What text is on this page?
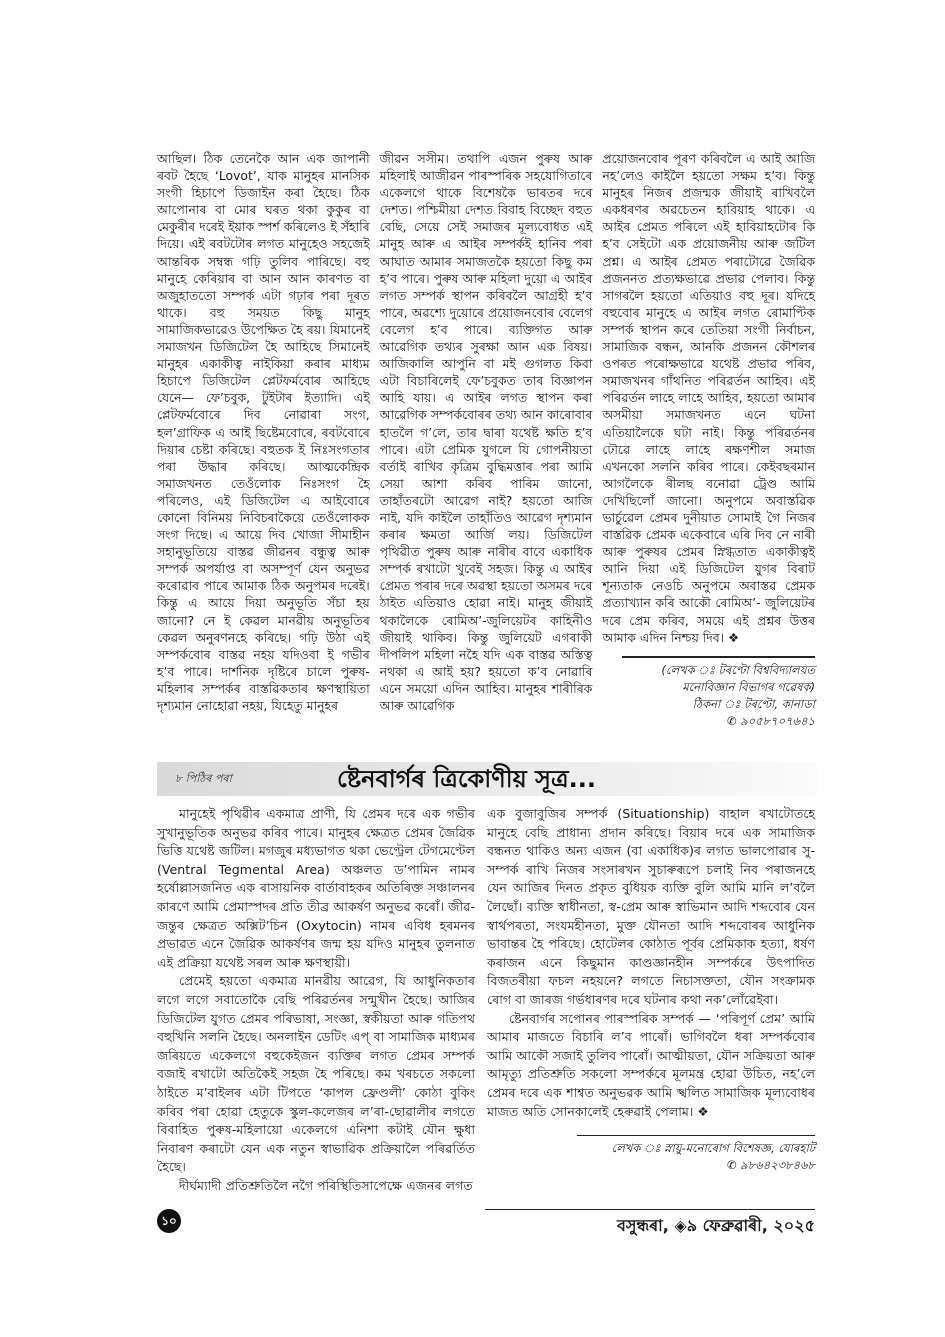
আছিল। ঠিক তেনেকৈ আন এক জাপানী ৰবট হৈছে ‘Lovot’, যাক মানুহৰ মানসিক সংগী হিচাপে ডিজাইন কৰা হৈছে। ঠিক আপোনাৰ বা মোৰ ঘৰত থকা কুকুৰ বা মেকুৰীৰ দৰেই ইয়াক স্পৰ্শ কৰিলেও ই সঁহাৰি দিয়ে। এই ৰবটটোৰ লগত মানুহেও সহজেই আন্তৰিক সম্বন্ধ গঢ়ি তুলিব পাৰিছে। বহু মানুহে কেৰিয়াৰ বা আন আন কাৰণত বা অজুহাততো সম্পৰ্ক এটা গঢ়াৰ পৰা দূৰত থাকে। বহু সময়ত কিছু মানুহ সামাজিকভাৱেও উপেক্ষিত হৈ ৰয়। যিমানেই সমাজখন ডিজিটেল হৈ আহিছে সিমানেই মানুহৰ একাকীত্ব নাইকিয়া কৰাৰ মাধ্যম হিচাপে ডিজিটেল প্লেটফৰ্মবোৰ আহিছে যেনে— ফে’চবুক, টুইটাৰ ইত্যাদি। এই প্লেটফৰ্মবোৰে দিব নোৱাৰা সংগ, হল’গ্ৰাফিক এ আই ছিষ্টেমবোৰে, ৰবটবোৰে দিয়াৰ চেষ্টা কৰিছে। বহুতক ই নিঃসংগতাৰ পৰা উদ্ধাৰ কৰিছে। আত্মকেন্দ্ৰিক সমাজখনত তেওঁলোক নিঃসংগ হৈ পৰিলেও, এই ডিজিটেল এ আইবোৰে কোনো বিনিময় নিবিচৰাকৈয়ে তেওঁলোকক সংগ দিছে। এ আয়ে দিব খোজা সীমাহীন সহানুভূতিয়ে বাস্তৱ জীৱনৰ বন্ধুত্ব আৰু সম্পৰ্ক অপৰ্যাপ্ত বা অসম্পূৰ্ণ যেন অনুভৱ কৰোৱাব পাৰে আমাক ঠিক অনুপমৰ দৰেই। কিন্তু এ আয়ে দিয়া অনুভূতি সঁচা হয় জানো? নে ই কেৱল মানৱীয় অনুভূতিৰ কেৱল অনুৰণনহে কৰিছে। গঢ়ি উঠা এই সম্পৰ্কবোৰ বাস্তৱ নহয় যদিওবা ই গভীৰ হ’ব পাৰে। দাৰ্শনিক দৃষ্টিৰে চালে পুৰুষ-মহিলাৰ সম্পৰ্কৰ বাস্তৱিকতাৰ ক্ষণস্থায়িতা দৃশ্যমান নোহোৱা নহয়, যিহেতু মানুহৰ

জীৱন সসীম। তথাপি এজন পুৰুষ আৰু মহিলাই আজীৱন পাৰস্পৰিক সহযোগিতাৰে একেলগে থাকে বিশেষকৈ ভাৰতৰ দৰে দেশত। পশ্চিমীয়া দেশত বিবাহ বিচ্ছেদ বহুত বেছি, সেয়ে সেই সমাজৰ মূল্যবোধত এই মানুহ আৰু এ আইৰ সম্পৰ্কই হানিব পৰা আঘাত আমাৰ সমাজতকৈ হয়তো কিছু কম হ’ব পাৰে। পুৰুষ আৰু মহিলা দুয়ো এ আইৰ লগত সম্পৰ্ক স্থাপন কৰিবলৈ আগ্ৰহী হ’ব পাৰে, অৱশ্যে দুয়োৰে প্ৰয়োজনবোৰ বেলেগ বেলেগ হ’ব পাৰে। ব্যক্তিগত আৰু আৱেগিক তথ্যৰ সুৰক্ষা আন এক বিষয়। আজিকালি আপুনি বা মই গুগলত কিবা এটা বিচাৰিলেই ফে’চবুকত তাৰ বিজ্ঞাপন আহি যায়। এ আইৰ লগত স্থাপন কৰা আৱেগিক সম্পৰ্কবোৰৰ তথ্য আন কাৰোবাৰ হাতলৈ গ’লে, তাৰ দ্বাৰা যথেষ্ট ক্ষতি হ’ব পাৰে। এটা প্ৰেমিক যুগলে যি গোপনীয়তা বৰ্তাই ৰাখিব কৃত্ৰিম বুদ্ধিমত্তাৰ পৰা আমি সেয়া আশা কৰিব পাৰিম জানো, তাহাঁতৰটো আৱেগ নাই? হয়তো আজি নাই, যদি কাইলৈ তাহাঁতিও আৱেগ দৃশ্যমান কৰাৰ ক্ষমতা আৰ্জি লয়। ডিজিটেল পৃথিৱীত পুৰুষ আৰু নাৰীৰ বাবে একাধিক সম্পৰ্ক ৰখাটো খুবেই সহজ। কিন্তু এ আইৰ প্ৰেমত পৰাৰ দৰে অৱস্থা হয়তো অসমৰ দৰে ঠাইত এতিয়াও হোৱা নাই। মানুহ জীয়াই থকালৈকে ৰোমিঅ’-জুলিয়েটৰ কাহিনীও জীয়াই থাকিব। কিন্তু জুলিয়েট এগৰাকী দীপলিপ মহিলা নহৈ যদি এক বাস্তৱ অস্তিত্ব নথকা এ আই হয়? হয়তো ক’ব নোৱাৰি এনে সময়ো এদিন আহিব। মানুহৰ শাৰীৰিক আৰু আৱেগিক

প্ৰয়োজনবোৰ পূৰণ কৰিবলৈ এ আই আজি নহ’লেও কাইলৈ হয়তো সক্ষম হ’ব। কিন্তু মানুহৰ নিজৰ প্ৰজন্মক জীয়াই ৰাখিবলৈ একধৰণৰ অৱচেতন হাবিয়াহ থাকে। এ আইৰ প্ৰেমত পৰিলে এই হাবিয়াহটোৰ কি হ’ব সেইটো এক প্ৰয়োজনীয় আৰু জটিল প্ৰশ্ন। এ আইৰ প্ৰেমত পৰাটোৱে জৈৱিক প্ৰজননত প্ৰত্যক্ষভাৱে প্ৰভাৱ পেলাব। কিন্তু সাগৰলৈ হয়তো এতিয়াও বহু দূৰ। যদিহে বহুবোৰ মানুহে এ আইৰ লগত ৰোমাণ্টিক সম্পৰ্ক স্থাপন কৰে তেতিয়া সংগী নিৰ্বাচন, সামাজিক বন্ধন, আনকি প্ৰজনন কৌশলৰ ওপৰত পৰোক্ষভাৱে যথেষ্ট প্ৰভাৱ পৰিব, সমাজখনৰ গাঁথনিত পৰিৱৰ্তন আহিব। এই পৰিৱৰ্তন লাহে লাহে আহিব, হয়তো আমাৰ অসমীয়া সমাজখনত এনে ঘটনা এতিয়ালৈকে ঘটা নাই। কিন্তু পৰিৱৰ্তনৰ ঢৌৱে লাহে লাহে ৰক্ষণশীল সমাজ এখনকো সলনি কৰিব পাৰে। কেইবছৰমান আগলৈকে ৰীলছ বনোৱা ট্ৰেণ্ড আমি দেখিছিলোঁ জানো। অনুপমে অবাস্তৱিক ভাৰ্চুৱেল প্ৰেমৰ দুনীয়াত সোমাই গৈ নিজৰ বাস্তৱিক প্ৰেমক একেবাৰে এৰি দিব নে নাৰী আৰু পুৰুষৰ প্ৰেমৰ স্নিগ্ধতাত একাকীত্বই আনি দিয়া এই ডিজিটেল যুগৰ বিৰাট শূন্যতাক নেওচি অনুপমে অবাস্তৱ প্ৰেমক প্ৰত্যাখ্যান কৰি আকৌ ৰোমিঅ’- জুলিয়েটৰ দৰে প্ৰেম কৰিব, সময়ে এই প্ৰশ্নৰ উত্তৰ আমাক এদিন নিশ্চয় দিব। ❖

(লেখক ঃ টৰণ্টো বিশ্ববিদ্যালয়ত
মনোবিজ্ঞান বিভাগৰ গৱেষক)
ঠিকনা ঃ টৰণ্টো, কানাডা
✆ ৯০৫৮৭০৭৬৪১
৮ পিঠিৰ পৰা	ষ্টেনবাৰ্গৰ ত্ৰিকোণীয় সূত্ৰ...

মানুহেই পৃথিৱীৰ একমাত্ৰ প্ৰাণী, যি প্ৰেমৰ দৰে এক গভীৰ সুখানুভূতিক অনুভৱ কৰিব পাৰে। মানুহৰ ক্ষেত্ৰত প্ৰেমৰ জৈৱিক ভিত্তি যথেষ্ট জটিল। মগজুৰ মধ্যভাগত থকা ভেণ্ট্ৰেল টেগমেণ্টেল (Ventral Tegmental Area) অঞ্চলত ড’পামিন নামৰ হৰ্ষোল্লাসজনিত এক ৰাসায়নিক বাৰ্তাবাহকৰ অতিৰিক্ত সঞ্চালনৰ কাৰণে আমি প্ৰেমাস্পদৰ প্ৰতি তীব্ৰ আকৰ্ষণ অনুভৱ কৰোঁ। জীৱ-জন্তুৰ ক্ষেত্ৰত অক্সিট’চিন (Oxytocin) নামৰ এবিধ হৰমনৰ প্ৰভাৱত এনে জৈৱিক আকৰ্ষণৰ জন্ম হয় যদিও মানুহৰ তুলনাত এই প্ৰক্ৰিয়া যথেষ্ট সৰল আৰু ক্ষণস্থায়ী।

প্ৰেমেই হয়তো একমাত্ৰ মানৱীয় আৱেগ, যি আধুনিকতাৰ লগে লগে সবাতোকৈ বেছি পৰিৱৰ্তনৰ সন্মুখীন হৈছে। আজিৰ ডিজিটেল যুগত প্ৰেমৰ পৰিভাষা, সংজ্ঞা, স্বকীয়তা আৰু গতিপথ বহুখিনি সলনি হৈছে। অনলাইন ডেটিং এপ্ বা সামাজিক মাধ্যমৰ জৰিয়তে একেলগে বহুকেইজন ব্যক্তিৰ লগত প্ৰেমৰ সম্পৰ্ক বজাই ৰখাটো অতিকৈই সহজ হৈ পৰিছে। কম খৰচতে সকলো ঠাইতে ম’বাইলৰ এটা টিপতে ‘কাপল ফ্ৰেণ্ডলী’ কোঠা বুকিং কৰিব পৰা হোৱা হেতুকে স্কুল-কলেজৰ ল’ৰা-ছোৱালীৰ লগতে বিবাহিত পুৰুষ-মহিলায়ো একেলগে এনিশা কটাই যৌন ক্ষুধা নিবাৰণ কৰাটো যেন এক নতুন স্বাভাৱিক প্ৰক্ৰিয়ালৈ পৰিৱৰ্তিত হৈছে।

দীৰ্ঘম্যাদী প্ৰতিশ্ৰুতিলৈ নগৈ পৰিস্থিতিসাপেক্ষে এজনৰ লগত

এক বুজাবুজিৰ সম্পৰ্ক (Situationship) বাহাল ৰখাটোতহে মানুহে বেছি প্ৰাধান্য প্ৰদান কৰিছে। বিয়াৰ দৰে এক সামাজিক বন্ধনত থাকিও অন্য এজন (বা একাধিক)ৰ লগত ভালপোৱাৰ সু-সম্পৰ্ক ৰাখি নিজৰ সংসাৰখন সুচাৰুৰূপে চলাই নিব পৰাজনহে যেন আজিৰ দিনত প্ৰকৃত বুধিয়ক ব্যক্তি বুলি আমি মানি ল’বলৈ লৈছোঁ। ব্যক্তি স্বাধীনতা, স্ব-প্ৰেম আৰু স্বাভিমান আদি শব্দবোৰ যেন স্বাৰ্থপৰতা, সংযমহীনতা, মুক্ত যৌনতা আদি শব্দবোৰৰ আধুনিক ভাবান্তৰ হৈ পৰিছে। হোটেলৰ কোঠাত পূৰ্বৰ প্ৰেমিকাক হত্যা, ধৰ্ষণ কৰাজন এনে কিছুমান কাণ্ডজ্ঞানহীন সম্পৰ্কৰে উৎপাদিত বিজতৰীয়া ফচল নহয়নে? লগতে নিচাসক্ততা, যৌন সংক্ৰামক ৰোগ বা জাৰজ গৰ্ভধাৰণৰ দৰে ঘটনাৰ কথা নক’লোঁৱেইবা।

ষ্টেনবাৰ্গৰ সপোনৰ পাৰস্পৰিক সম্পৰ্ক — ‘পৰিপূৰ্ণ প্ৰেম’ আমি আমাৰ মাজতে বিচাৰি ল’ব পাৰোঁ। ভাগিবলৈ ধৰা সম্পৰ্কবোৰ আমি আকৌ সজাই তুলিব পাৰোঁ। আত্মীয়তা, যৌন সক্ৰিয়তা আৰু আমৃত্যু প্ৰতিশ্ৰুতি সকলো সম্পৰ্কৰে মূলমন্ত্ৰ হোৱা উচিত, নহ’লে প্ৰেমৰ দৰে এক শাশ্বত অনুভৱক আমি স্খলিত সামাজিক মূল্যবোধৰ মাজত অতি সোনকালেই হেৰুৱাই পেলাম। ❖

লেখক ঃ স্নায়ু-মনোৰোগ বিশেষজ্ঞ, যোৰহাট
✆ ৯৮৬৪২৩৮৪৬৮
১০	বসুন্ধৰা, ◈৯ ফেব্ৰুৱাৰী, ২০২৫
